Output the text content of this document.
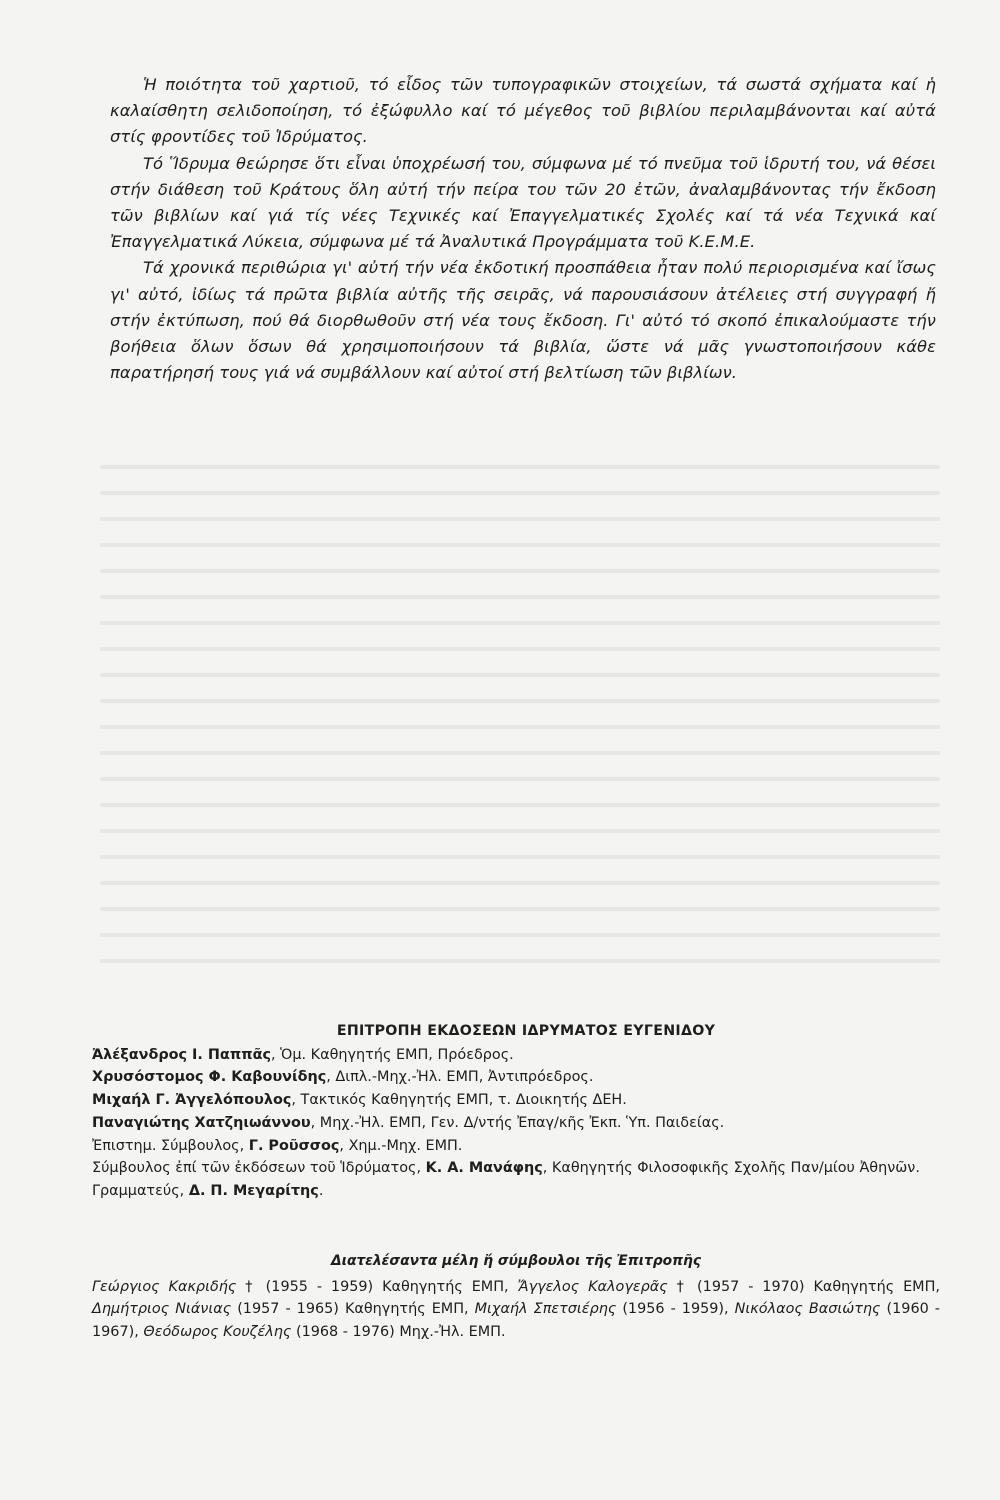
Ἡ ποιότητα τοῦ χαρτιοῦ, τό εἶδος τῶν τυπογραφικῶν στοιχείων, τά σωστά σχήματα καί ἡ καλαίσθητη σελιδοποίηση, τό ἐξώφυλλο καί τό μέγεθος τοῦ βιβλίου περιλαμβάνονται καί αὐτά στίς φροντίδες τοῦ Ἱδρύματος.

Τό Ἵδρυμα θεώρησε ὅτι εἶναι ὑποχρέωσή του, σύμφωνα μέ τό πνεῦμα τοῦ ἱδρυτή του, νά θέσει στήν διάθεση τοῦ Κράτους ὅλη αὐτή τήν πείρα του τῶν 20 ἐτῶν, ἀναλαμβάνοντας τήν ἔκδοση τῶν βιβλίων καί γιά τίς νέες Τεχνικές καί Ἐπαγγελματικές Σχολές καί τά νέα Τεχνικά καί Ἐπαγγελματικά Λύκεια, σύμφωνα μέ τά Ἀναλυτικά Προγράμματα τοῦ Κ.Ε.Μ.Ε.

Τά χρονικά περιθώρια γι' αὐτή τήν νέα ἐκδοτική προσπάθεια ἦταν πολύ περιορισμένα καί ἴσως γι' αὐτό, ἰδίως τά πρῶτα βιβλία αὐτῆς τῆς σειρᾶς, νά παρουσιάσουν ἀτέλειες στή συγγραφή ἤ στήν ἐκτύπωση, πού θά διορθωθοῦν στή νέα τους ἔκδοση. Γι' αὐτό τό σκοπό ἐπικαλούμαστε τήν βοήθεια ὅλων ὅσων θά χρησιμοποιήσουν τά βιβλία, ὥστε νά μᾶς γνωστοποιήσουν κάθε παρατήρησή τους γιά νά συμβάλλουν καί αὐτοί στή βελτίωση τῶν βιβλίων.

ΕΠΙΤΡΟΠΗ ΕΚΔΟΣΕΩΝ ΙΔΡΥΜΑΤΟΣ ΕΥΓΕΝΙΔΟΥ

Ἀλέξανδρος Ι. Παππᾶς, Ὁμ. Καθηγητής ΕΜΠ, Πρόεδρος.

Χρυσόστομος Φ. Καβουνίδης, Διπλ.-Μηχ.-Ἠλ. ΕΜΠ, Ἀντιπρόεδρος.

Μιχαήλ Γ. Ἀγγελόπουλος, Τακτικός Καθηγητής ΕΜΠ, τ. Διοικητής ΔΕΗ.

Παναγιώτης Χατζηιωάννου, Μηχ.-Ἠλ. ΕΜΠ, Γεν. Δ/ντής Ἐπαγ/κῆς Ἐκπ. Ὑπ. Παιδείας.

Ἐπιστημ. Σύμβουλος, Γ. Ροῦσσος, Χημ.-Μηχ. ΕΜΠ.

Σύμβουλος ἐπί τῶν ἐκδόσεων τοῦ Ἱδρύματος, Κ. Α. Μανάφης, Καθηγητής Φιλοσοφικῆς Σχολῆς Παν/μίου Ἀθηνῶν.

Γραμματεύς, Δ. Π. Μεγαρίτης.

Διατελέσαντα μέλη ἤ σύμβουλοι τῆς Ἐπιτροπῆς

Γεώργιος Κακριδής † (1955 - 1959) Καθηγητής ΕΜΠ, Ἄγγελος Καλογερᾶς † (1957 - 1970) Καθηγητής ΕΜΠ, Δημήτριος Νιάνιας (1957 - 1965) Καθηγητής ΕΜΠ, Μιχαήλ Σπετσιέρης (1956 - 1959), Νικόλαος Βασιώτης (1960 - 1967), Θεόδωρος Κουζέλης (1968 - 1976) Μηχ.-Ἠλ. ΕΜΠ.
